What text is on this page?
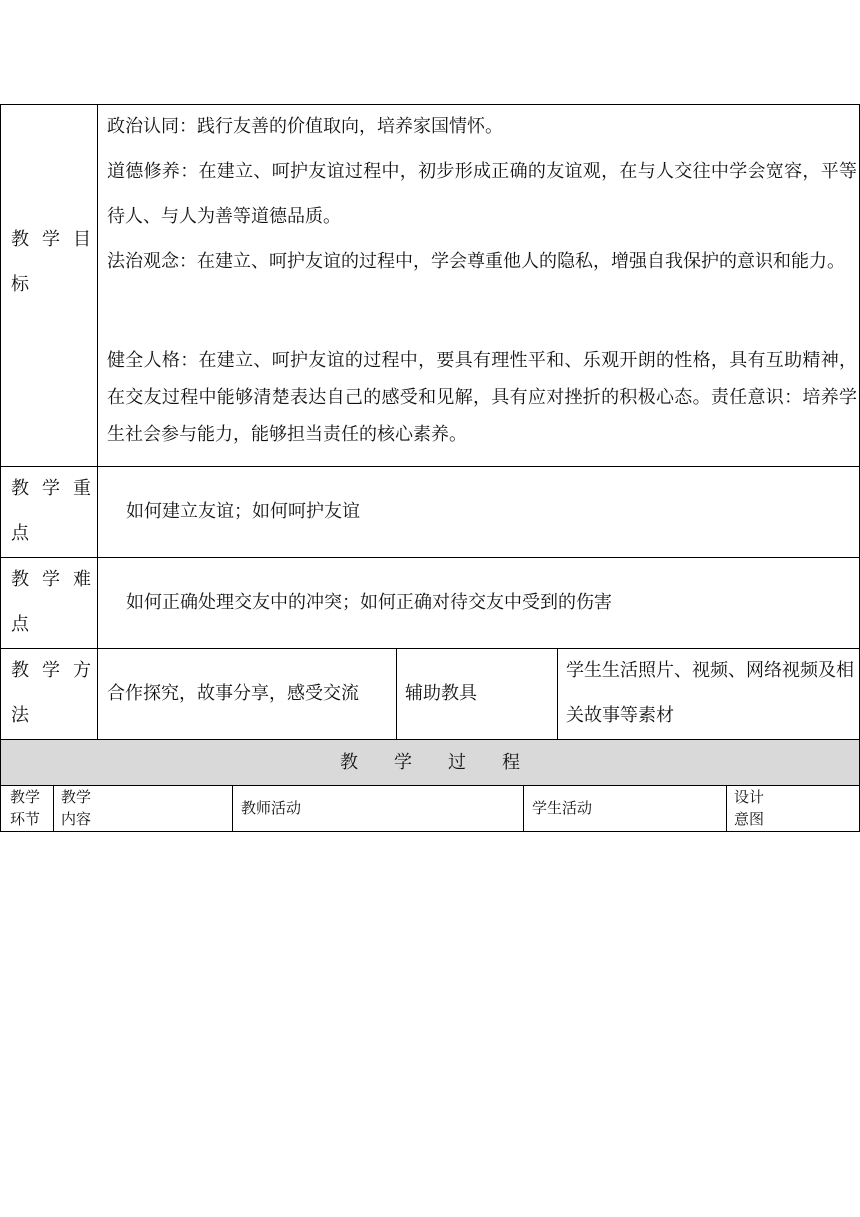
教 学 目
标
政治认同：践行友善的价值取向，培养家国情怀。
道德修养：在建立、呵护友谊过程中，初步形成正确的友谊观，在与人交往中学会宽容，平等待人、与人为善等道德品质。
法治观念：在建立、呵护友谊的过程中，学会尊重他人的隐私，增强自我保护的意识和能力。
健全人格：在建立、呵护友谊的过程中，要具有理性平和、乐观开朗的性格，具有互助精神，在交友过程中能够清楚表达自己的感受和见解，具有应对挫折的积极心态。责任意识：培养学生社会参与能力，能够担当责任的核心素养。
教 学 重
点
如何建立友谊；如何呵护友谊
教 学 难
点
如何正确处理交友中的冲突；如何正确对待交友中受到的伤害
教 学 方
法
合作探究，故事分享，感受交流	辅助教具
学生生活照片、视频、网络视频及相关故事等素材
教　　学　　过　　程
教学
环节
教学
内容
教师活动	学生活动
设计
意图
